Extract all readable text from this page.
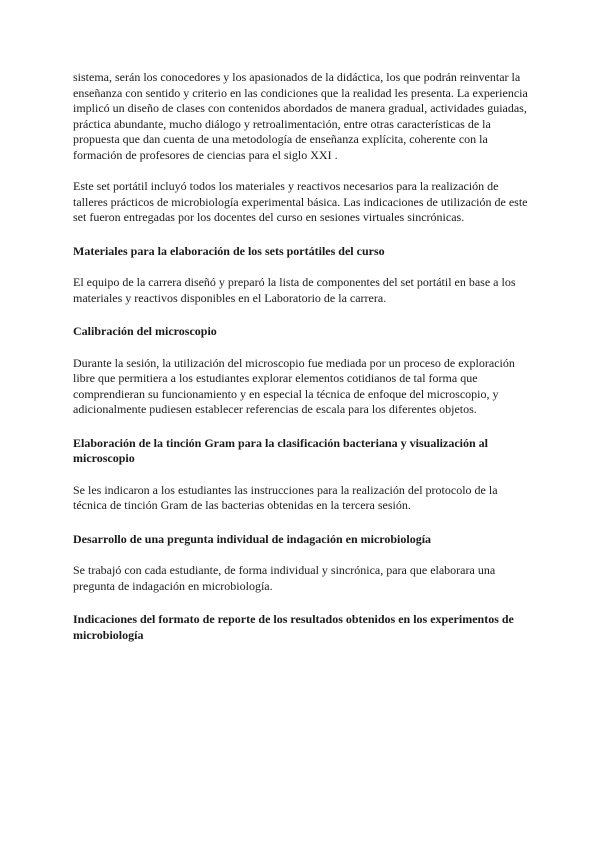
sistema, serán los conocedores y los apasionados de la didáctica, los que podrán reinventar la enseñanza con sentido y criterio en las condiciones que la realidad les presenta. La experiencia implicó un diseño de clases con contenidos abordados de manera gradual, actividades guiadas, práctica abundante, mucho diálogo y retroalimentación, entre otras características de la propuesta que dan cuenta de una metodología de enseñanza explícita, coherente con la formación de profesores de ciencias para el siglo XXI .

Este set portátil incluyó todos los materiales y reactivos necesarios para la realización de talleres prácticos de microbiología experimental básica. Las indicaciones de utilización de este set fueron entregadas por los docentes del curso en sesiones virtuales sincrónicas.

Materiales para la elaboración de los sets portátiles del curso

El equipo de la carrera diseñó y preparó la lista de componentes del set portátil en base a los materiales y reactivos disponibles en el Laboratorio de la carrera.

Calibración del microscopio

Durante la sesión, la utilización del microscopio fue mediada por un proceso de exploración libre que permitiera a los estudiantes explorar elementos cotidianos de tal forma que comprendieran su funcionamiento y en especial la técnica de enfoque del microscopio, y adicionalmente pudiesen establecer referencias de escala para los diferentes objetos.

Elaboración de la tinción Gram para la clasificación bacteriana y visualización al microscopio

Se les indicaron a los estudiantes las instrucciones para la realización del protocolo de la técnica de tinción Gram de las bacterias obtenidas en la tercera sesión.

Desarrollo de una pregunta individual de indagación en microbiología

Se trabajó con cada estudiante, de forma individual y sincrónica, para que elaborara una pregunta de indagación en microbiología.

Indicaciones del formato de reporte de los resultados obtenidos en los experimentos de microbiología
